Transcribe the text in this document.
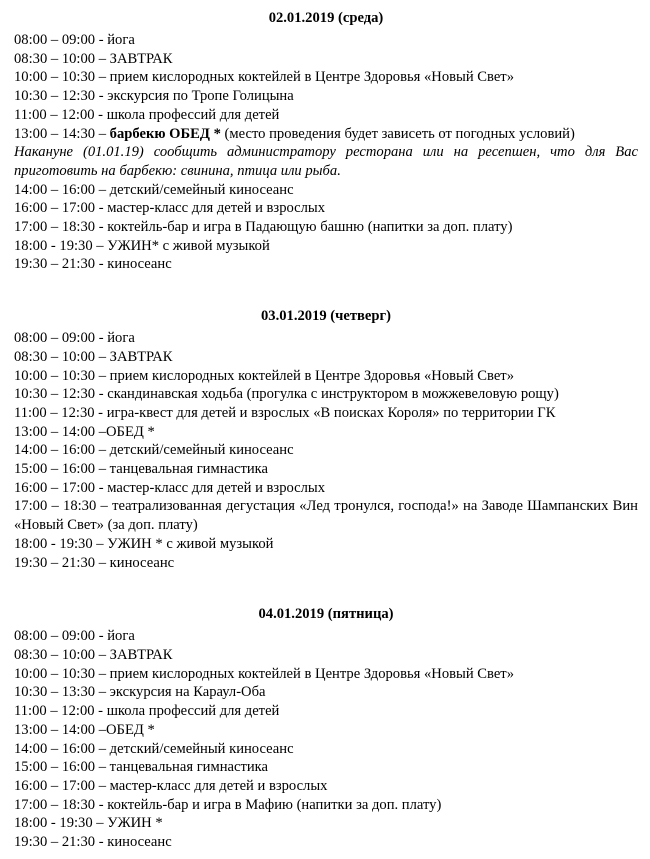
02.01.2019 (среда)
08:00 – 09:00 - йога
08:30 – 10:00 – ЗАВТРАК
10:00 – 10:30 – прием кислородных коктейлей в Центре Здоровья «Новый Свет»
10:30 – 12:30 - экскурсия по Тропе Голицына
11:00 – 12:00 - школа профессий для детей
13:00 – 14:30 – барбекю ОБЕД * (место проведения будет зависеть от погодных условий)
Накануне (01.01.19) сообщить администратору ресторана или на ресепшен, что для Вас приготовить на барбекю: свинина, птица или рыба.
14:00 – 16:00 – детский/семейный киносеанс
16:00 – 17:00 - мастер-класс для детей и взрослых
17:00 – 18:30 - коктейль-бар и игра в Падающую башню (напитки за доп. плату)
18:00 - 19:30 – УЖИН* с живой музыкой
19:30 – 21:30 - киносеанс
03.01.2019 (четверг)
08:00 – 09:00 - йога
08:30 – 10:00 – ЗАВТРАК
10:00 – 10:30 – прием кислородных коктейлей в Центре Здоровья «Новый Свет»
10:30 – 12:30 - скандинавская ходьба (прогулка с инструктором в можжевеловую рощу)
11:00 – 12:30 - игра-квест для детей и взрослых «В поисках Короля» по территории ГК
13:00 – 14:00 –ОБЕД *
14:00 – 16:00 – детский/семейный киносеанс
15:00 – 16:00 – танцевальная гимнастика
16:00 – 17:00 - мастер-класс для детей и взрослых
17:00 – 18:30 – театрализованная дегустация «Лед тронулся, господа!» на Заводе Шампанских Вин «Новый Свет» (за доп. плату)
18:00 - 19:30 – УЖИН * с живой музыкой
19:30 – 21:30 – киносеанс
04.01.2019 (пятница)
08:00 – 09:00 - йога
08:30 – 10:00 – ЗАВТРАК
10:00 – 10:30 – прием кислородных коктейлей в Центре Здоровья «Новый Свет»
10:30 – 13:30 – экскурсия на Караул-Оба
11:00 – 12:00 - школа профессий для детей
13:00 – 14:00 –ОБЕД *
14:00 – 16:00 – детский/семейный киносеанс
15:00 – 16:00 – танцевальная гимнастика
16:00 – 17:00 – мастер-класс для детей и взрослых
17:00 – 18:30 - коктейль-бар и игра в Мафию (напитки за доп. плату)
18:00 - 19:30 – УЖИН *
19:30 – 21:30 - киносеанс
